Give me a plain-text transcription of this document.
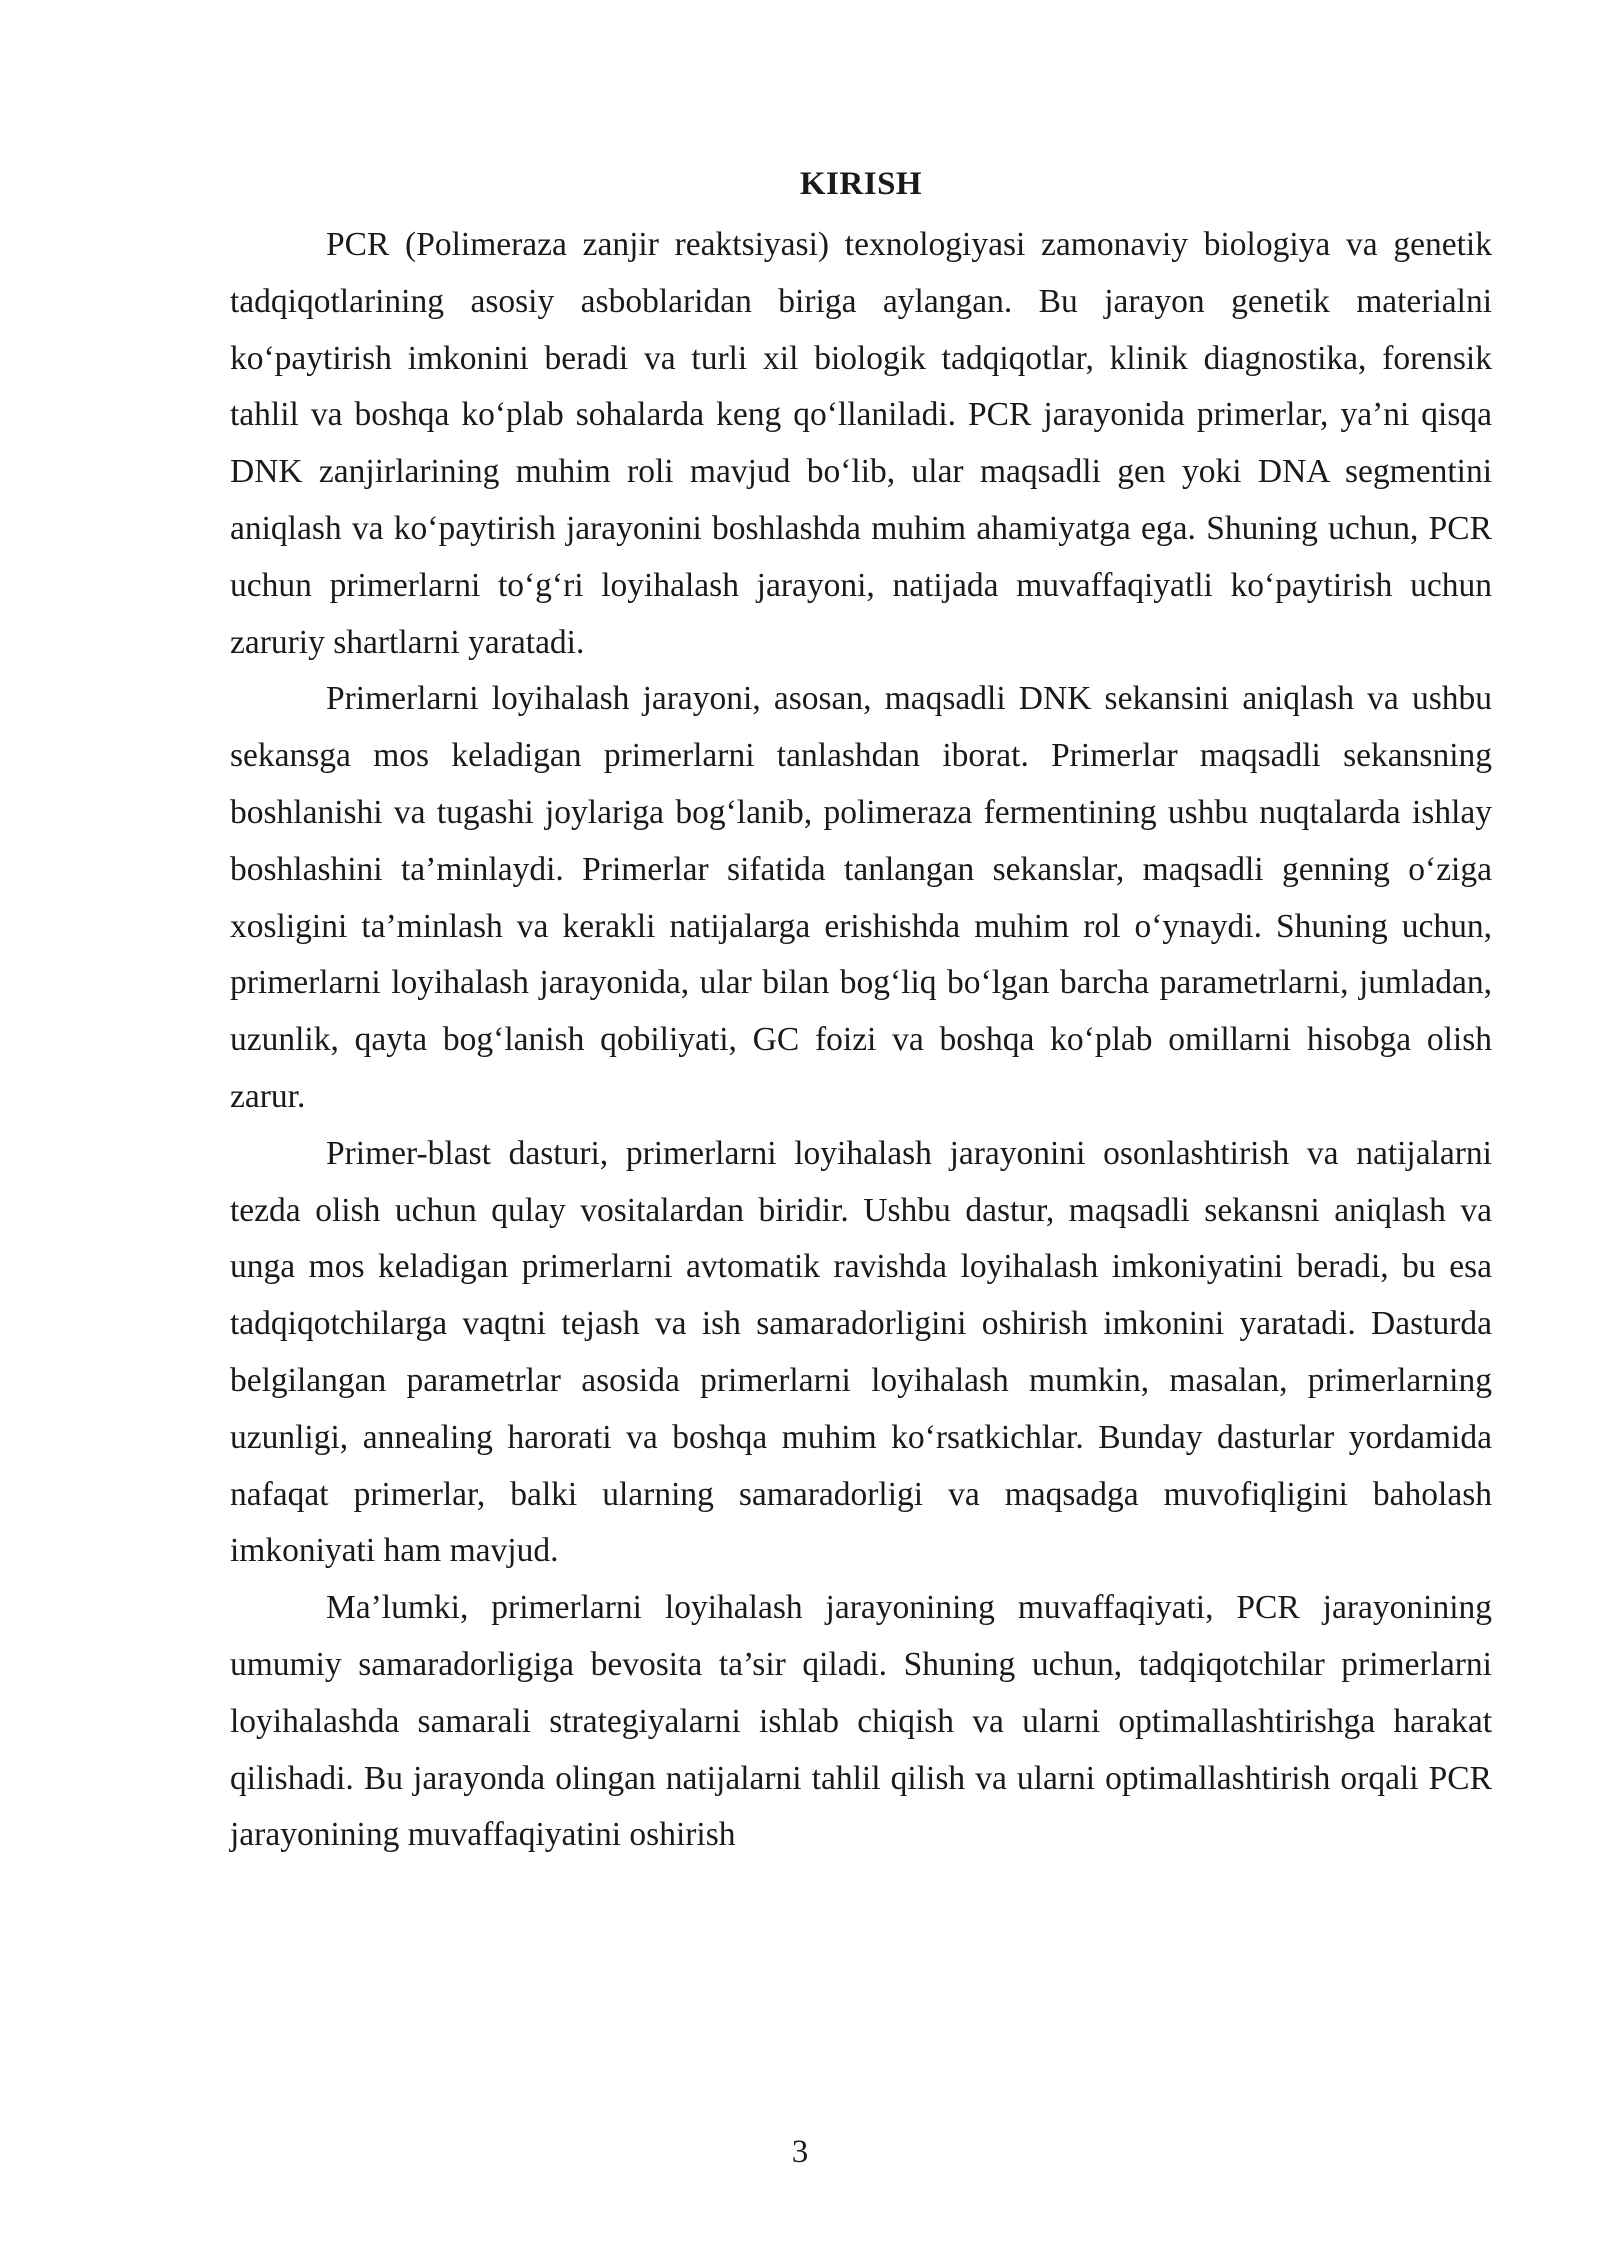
KIRISH

PCR (Polimeraza zanjir reaktsiyasi) texnologiyasi zamonaviy biologiya va genetik tadqiqotlarining asosiy asboblaridan biriga aylangan. Bu jarayon genetik materialni ko‘paytirish imkonini beradi va turli xil biologik tadqiqotlar, klinik diagnostika, forensik tahlil va boshqa ko‘plab sohalarda keng qo‘llaniladi. PCR jarayonida primerlar, ya’ni qisqa DNK zanjirlarining muhim roli mavjud bo‘lib, ular maqsadli gen yoki DNA segmentini aniqlash va ko‘paytirish jarayonini boshlashda muhim ahamiyatga ega. Shuning uchun, PCR uchun primerlarni to‘g‘ri loyihalash jarayoni, natijada muvaffaqiyatli ko‘paytirish uchun zaruriy shartlarni yaratadi.

Primerlarni loyihalash jarayoni, asosan, maqsadli DNK sekansini aniqlash va ushbu sekansga mos keladigan primerlarni tanlashdan iborat. Primerlar maqsadli sekansning boshlanishi va tugashi joylariga bog‘lanib, polimeraza fermentining ushbu nuqtalarda ishlay boshlashini ta’minlaydi. Primerlar sifatida tanlangan sekanslar, maqsadli genning o‘ziga xosligini ta’minlash va kerakli natijalarga erishishda muhim rol o‘ynaydi. Shuning uchun, primerlarni loyihalash jarayonida, ular bilan bog‘liq bo‘lgan barcha parametrlarni, jumladan, uzunlik, qayta bog‘lanish qobiliyati, GC foizi va boshqa ko‘plab omillarni hisobga olish zarur.

Primer-blast dasturi, primerlarni loyihalash jarayonini osonlashtirish va natijalarni tezda olish uchun qulay vositalardan biridir. Ushbu dastur, maqsadli sekansni aniqlash va unga mos keladigan primerlarni avtomatik ravishda loyihalash imkoniyatini beradi, bu esa tadqiqotchilarga vaqtni tejash va ish samaradorligini oshirish imkonini yaratadi. Dasturda belgilangan parametrlar asosida primerlarni loyihalash mumkin, masalan, primerlarning uzunligi, annealing harorati va boshqa muhim ko‘rsatkichlar. Bunday dasturlar yordamida nafaqat primerlar, balki ularning samaradorligi va maqsadga muvofiqligini baholash imkoniyati ham mavjud.

Ma’lumki, primerlarni loyihalash jarayonining muvaffaqiyati, PCR jarayonining umumiy samaradorligiga bevosita ta’sir qiladi. Shuning uchun, tadqiqotchilar primerlarni loyihalashda samarali strategiyalarni ishlab chiqish va ularni optimallashtirishga harakat qilishadi. Bu jarayonda olingan natijalarni tahlil qilish va ularni optimallashtirish orqali PCR jarayonining muvaffaqiyatini oshirish

3
